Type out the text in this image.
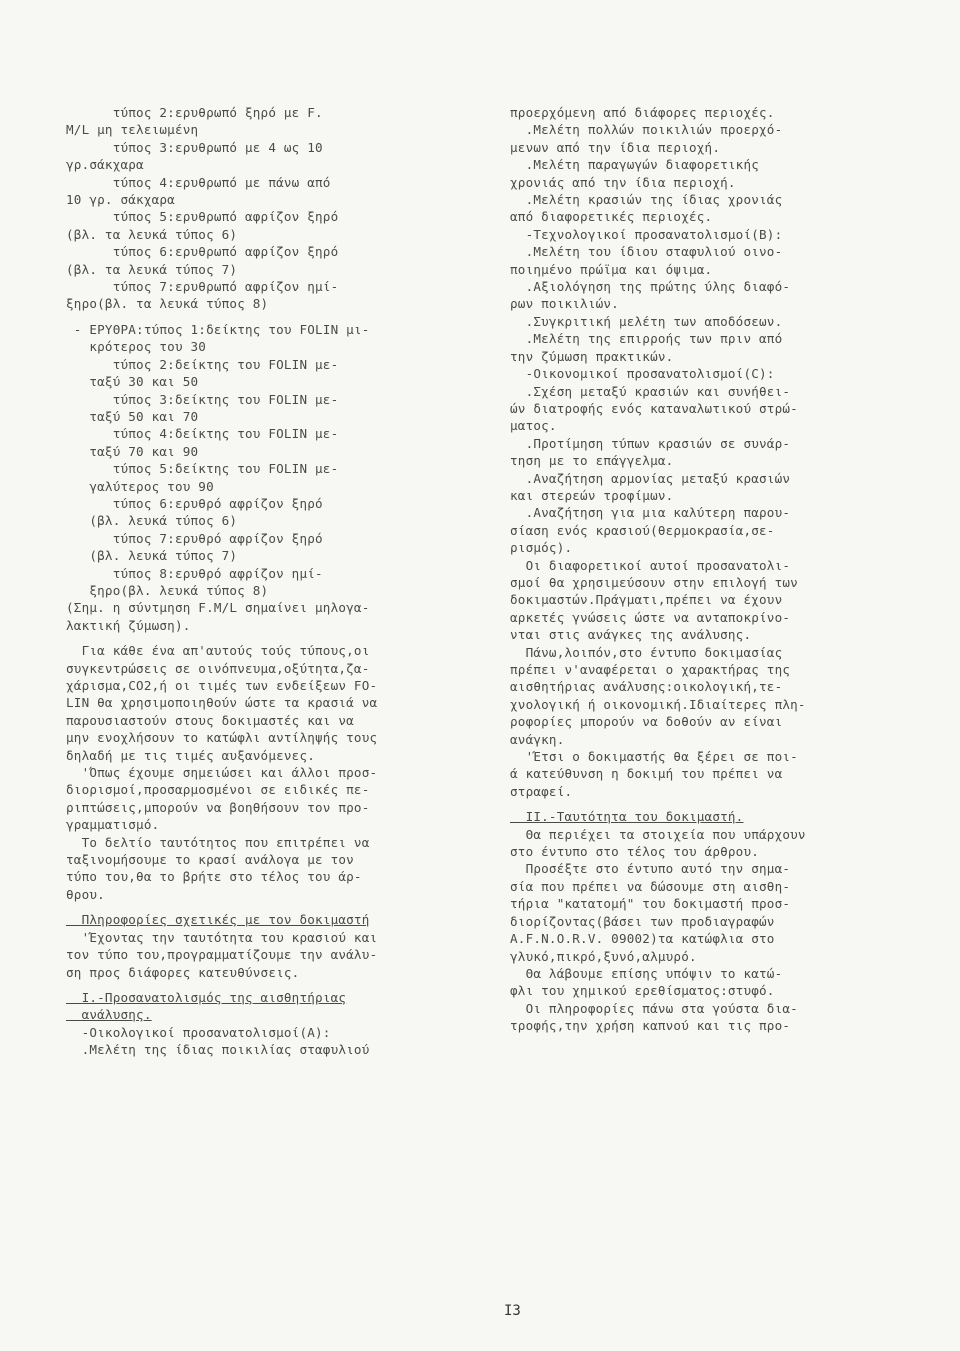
τύπος 2:ερυθρωπό ξηρό με F.
M/L μη τελειωμένη
τύπος 3:ερυθρωπό με 4 ως 10
γρ.σάκχαρα
τύπος 4:ερυθρωπό με πάνω από
10 γρ. σάκχαρα
τύπος 5:ερυθρωπό αφρίζον ξηρό
(βλ. τα λευκά τύπος 6)
τύπος 6:ερυθρωπό αφρίζον ξηρό
(βλ. τα λευκά τύπος 7)
τύπος 7:ερυθρωπό αφρίζον ημί-
ξηρο(βλ. τα λευκά τύπος 8)
- ΕΡΥΘΡΑ:τύπος 1:δείκτης του FOLIN μι-
κρότερος του 30
τύπος 2:δείκτης του FOLIN με-
ταξύ 30 και 50
τύπος 3:δείκτης του FOLIN με-
ταξύ 50 και 70
τύπος 4:δείκτης του FOLIN με-
ταξύ 70 και 90
τύπος 5:δείκτης του FOLIN με-
γαλύτερος του 90
τύπος 6:ερυθρό αφρίζον ξηρό
(βλ. λευκά τύπος 6)
τύπος 7:ερυθρό αφρίζον ξηρό
(βλ. λευκά τύπος 7)
τύπος 8:ερυθρό αφρίζον ημί-
ξηρο(βλ. λευκά τύπος 8)
(Σημ. η σύντμηση F.M/L σημαίνει μηλογα-
λακτική ζύμωση).
Για κάθε ένα απ'αυτούς τούς τύπους,οι
συγκεντρώσεις σε οινόπνευμα,οξύτητα,ζα-
χάρισμα,CO2,ή οι τιμές των ενδείξεων FO-
LIN θα χρησιμοποιηθούν ώστε τα κρασιά να
παρουσιαστούν στους δοκιμαστές και να
μην ενοχλήσουν το κατώφλι αντίληψής τους
δηλαδή με τις τιμές αυξανόμενες.
'Όπως έχουμε σημειώσει και άλλοι προσ-
διορισμοί,προσαρμοσμένοι σε ειδικές πε-
ριπτώσεις,μπορούν να βοηθήσουν τον προ-
γραμματισμό.
Το δελτίο ταυτότητος που επιτρέπει να
ταξινομήσουμε το κρασί ανάλογα με τον
τύπο του,θα το βρήτε στο τέλος του άρ-
θρου.
Πληροφορίες σχετικές με τον δοκιμαστή
'Έχοντας την ταυτότητα του κρασιού και
τον τύπο του,προγραμματίζουμε την ανάλυ-
ση προς διάφορες κατευθύνσεις.
I.-Προσανατολισμός της αισθητήριας
ανάλυσης.
-Οικολογικοί προσανατολισμοί(A):
.Μελέτη της ίδιας ποικιλίας σταφυλιού
προερχόμενη από διάφορες περιοχές.
.Μελέτη πολλών ποικιλιών προερχό-
μενων από την ίδια περιοχή.
.Μελέτη παραγωγών διαφορετικής
χρονιάς από την ίδια περιοχή.
.Μελέτη κρασιών της ίδιας χρονιάς
από διαφορετικές περιοχές.
-Τεχνολογικοί προσανατολισμοί(B):
.Μελέτη του ίδιου σταφυλιού οινο-
ποιημένο πρώϊμα και όψιμα.
.Αξιολόγηση της πρώτης ύλης διαφό-
ρων ποικιλιών.
.Συγκριτική μελέτη των αποδόσεων.
.Μελέτη της επιρροής των πριν από
την ζύμωση πρακτικών.
-Οικονομικοί προσανατολισμοί(C):
.Σχέση μεταξύ κρασιών και συνήθει-
ών διατροφής ενός καταναλωτικού στρώ-
ματος.
.Προτίμηση τύπων κρασιών σε συνάρ-
τηση με το επάγγελμα.
.Αναζήτηση αρμονίας μεταξύ κρασιών
και στερεών τροφίμων.
.Αναζήτηση για μια καλύτερη παρου-
σίαση ενός κρασιού(θερμοκρασία,σε-
ρισμός).
Οι διαφορετικοί αυτοί προσανατολι-
σμοί θα χρησιμεύσουν στην επιλογή των
δοκιμαστών.Πράγματι,πρέπει να έχουν
αρκετές γνώσεις ώστε να ανταποκρίνο-
νται στις ανάγκες της ανάλυσης.
Πάνω,λοιπόν,στο έντυπο δοκιμασίας
πρέπει ν'αναφέρεται ο χαρακτήρας της
αισθητήριας ανάλυσης:οικολογική,τε-
χνολογική ή οικονομική.Ιδιαίτερες πλη-
ροφορίες μπορούν να δοθούν αν είναι
ανάγκη.
'Έτσι ο δοκιμαστής θα ξέρει σε ποι-
ά κατεύθυνση η δοκιμή του πρέπει να
στραφεί.
II.-Ταυτότητα του δοκιμαστή.
Θα περιέχει τα στοιχεία που υπάρχουν
στο έντυπο στο τέλος του άρθρου.
Προσέξτε στο έντυπο αυτό την σημα-
σία που πρέπει να δώσουμε στη αισθη-
τήρια "κατατομή" του δοκιμαστή προσ-
διορίζοντας(βάσει των προδιαγραφών
A.F.N.O.R.V. 09002)τα κατώφλια στο
γλυκό,πικρό,ξυνό,αλμυρό.
Θα λάβουμε επίσης υπόψιν το κατώ-
φλι του χημικού ερεθίσματος:στυφό.
Οι πληροφορίες πάνω στα γούστα δια-
τροφής,την χρήση καπνού και τις προ-
I3
